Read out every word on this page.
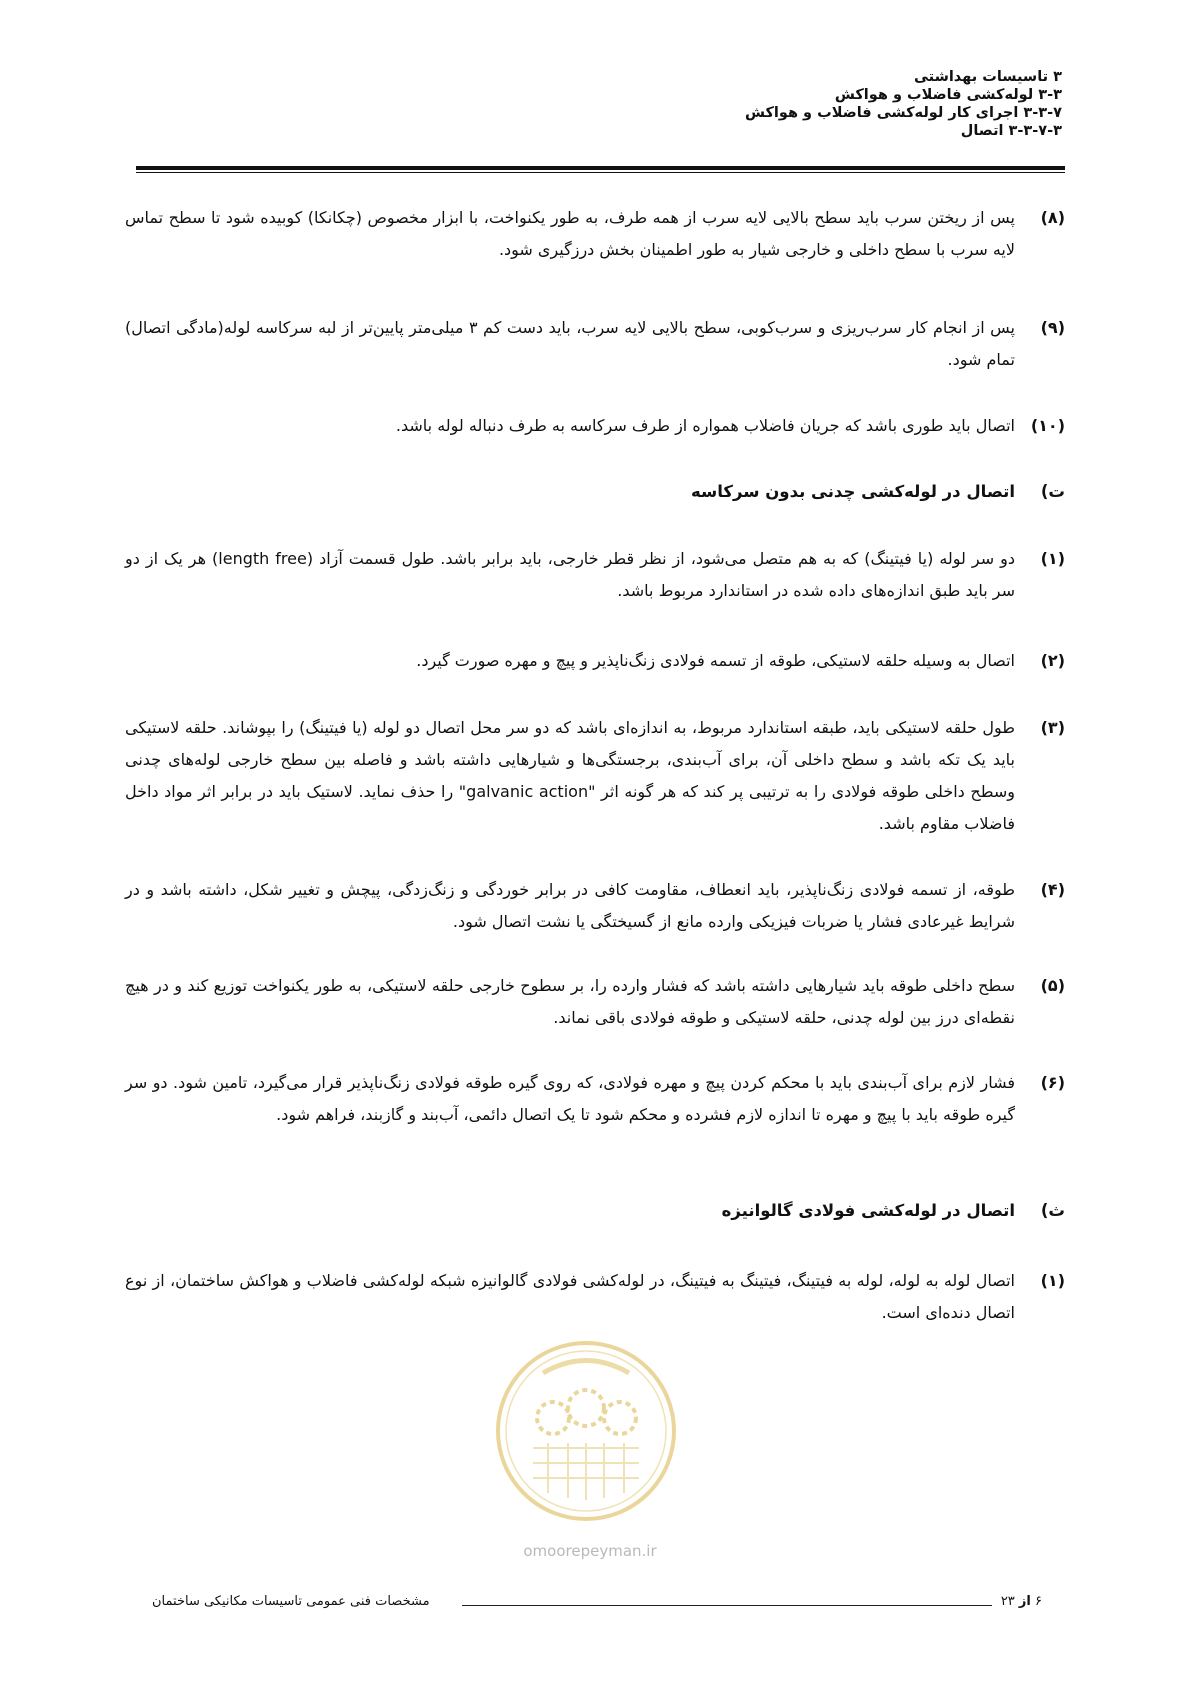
۳ تاسیسات بهداشتی
۳-۳ لوله‌کشی فاضلاب و هواکش
۳-۳-۷ اجرای کار لوله‌کشی فاضلاب و هواکش
۳-۳-۷-۳ اتصال
(۸)
پس از ریختن سرب باید سطح بالایی لایه سرب از همه طرف، به طور یکنواخت، با ابزار مخصوص (چکانکا) کوبیده شود تا سطح تماس لایه سرب با سطح داخلی و خارجی شیار به طور اطمینان بخش درزگیری شود.
(۹)
پس از انجام کار سرب‌ریزی و سرب‌کوبی، سطح بالایی لایه سرب، باید دست کم ۳ میلی‌متر پایین‌تر از لبه سرکاسه لوله(مادگی اتصال) تمام شود.
(۱۰)
اتصال باید طوری باشد که جریان فاضلاب همواره از طرف سرکاسه به طرف دنباله لوله باشد.
ت)
اتصال در لوله‌کشی چدنی بدون سرکاسه
(۱)
دو سر لوله (یا فیتینگ) که به هم متصل می‌شود، از نظر قطر خارجی، باید برابر باشد. طول قسمت آزاد (length free) هر یک از دو سر باید طبق اندازه‌های داده شده در استاندارد مربوط باشد.
(۲)
اتصال به وسیله حلقه لاستیکی، طوقه از تسمه فولادی زنگ‌ناپذیر و پیچ و مهره صورت گیرد.
(۳)
طول حلقه لاستیکی باید، طبقه استاندارد مربوط، به اندازه‌ای باشد که دو سر محل اتصال دو لوله (یا فیتینگ) را بپوشاند. حلقه لاستیکی باید یک تکه باشد و سطح داخلی آن، برای آب‌بندی، برجستگی‌ها و شیارهایی داشته باشد و فاصله بین سطح خارجی لوله‌های چدنی وسطح داخلی طوقه فولادی را به ترتیبی پر کند که هر گونه اثر "galvanic action" را حذف نماید. لاستیک باید در برابر اثر مواد داخل فاضلاب مقاوم باشد.
(۴)
طوقه، از تسمه فولادی زنگ‌ناپذیر، باید انعطاف، مقاومت کافی در برابر خوردگی و زنگ‌زدگی، پیچش و تغییر شکل، داشته باشد و در شرایط غیرعادی فشار یا ضربات فیزیکی وارده مانع از گسیختگی یا نشت اتصال شود.
(۵)
سطح داخلی طوقه باید شیارهایی داشته باشد که فشار وارده را، بر سطوح خارجی حلقه لاستیکی، به طور یکنواخت توزیع کند و در هیچ نقطه‌ای درز بین لوله چدنی، حلقه لاستیکی و طوقه فولادی باقی نماند.
(۶)
فشار لازم برای آب‌بندی باید با محکم کردن پیچ و مهره فولادی، که روی گیره طوقه فولادی زنگ‌ناپذیر قرار می‌گیرد، تامین شود. دو سر گیره طوقه باید با پیچ و مهره تا اندازه لازم فشرده و محکم شود تا یک اتصال دائمی، آب‌بند و گازبند، فراهم شود.
ث)
اتصال در لوله‌کشی فولادی گالوانیزه
(۱)
اتصال لوله به لوله، لوله به فیتینگ، فیتینگ به فیتینگ، در لوله‌کشی فولادی گالوانیزه شبکه لوله‌کشی فاضلاب و هواکش ساختمان، از نوع اتصال دنده‌ای است.
omoorepeyman.ir
مشخصات فنی عمومی تاسیسات مکانیکی ساختمان	۶ از ۲۳
